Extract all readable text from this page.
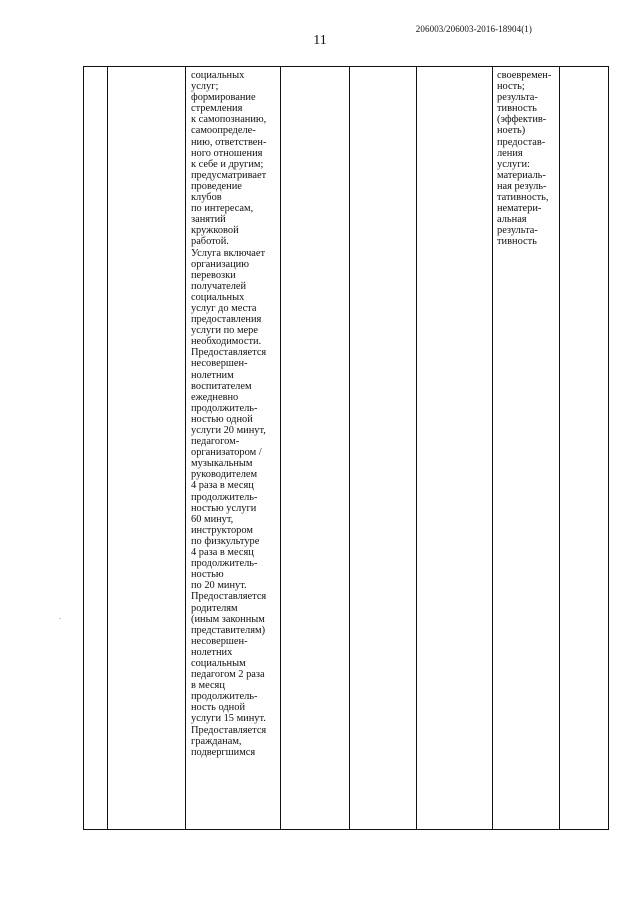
206003/206003-2016-18904(1)
11
·
социальных
услуг;
формирование
стремления
к самопознанию,
самоопределе-
нию, ответствен-
ного отношения
к себе и другим;
предусматривает
проведение
клубов
по интересам,
занятий
кружковой
работой.
Услуга включает
организацию
перевозки
получателей
социальных
услуг до места
предоставления
услуги по мере
необходимости.
Предоставляется
несовершен-
нолетним
воспитателем
ежедневно
продолжитель-
ностью одной
услуги 20 минут,
педагогом-
организатором /
музыкальным
руководителем
4 раза в месяц
продолжитель-
ностью услуги
60 минут,
инструктором
по физкультуре
4 раза в месяц
продолжитель-
ностью
по 20 минут.
Предоставляется
родителям
(иным законным
представителям)
несовершен-
нолетних
социальным
педагогом 2 раза
в месяц
продолжитель-
ность одной
услуги 15 минут.
Предоставляется
гражданам,
подвергшимся
своевремен-
ность;
результа-
тивность
(эффектив-
ноеть)
предостав-
ления
услуги:
материаль-
ная резуль-
тативность,
нематери-
альная
результа-
тивность
